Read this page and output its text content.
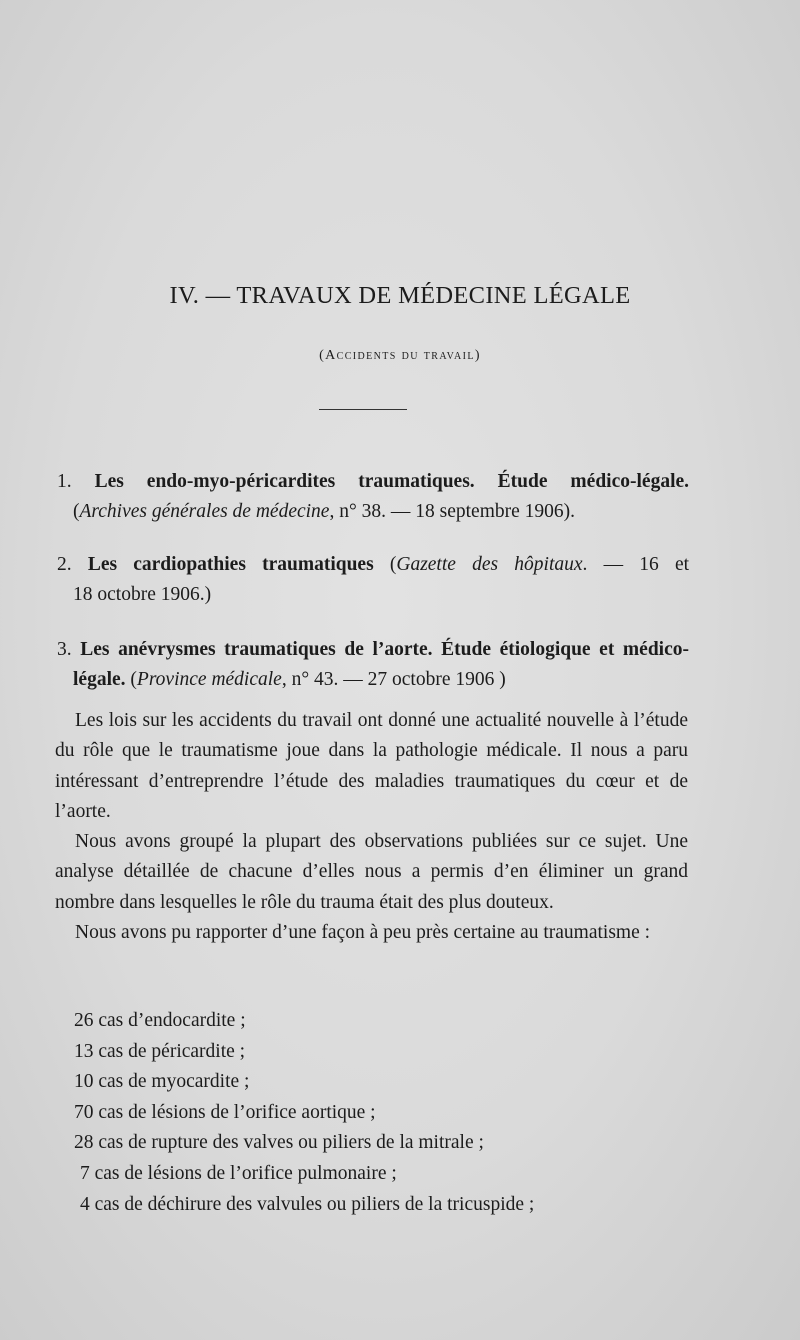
IV. — TRAVAUX DE MÉDECINE LÉGALE
(Accidents du travail)
1. Les endo-myo-péricardites traumatiques. Étude médico-légale.
(Archives générales de médecine, n° 38. — 18 septembre 1906).
2. Les cardiopathies traumatiques (Gazette des hôpitaux. — 16 et
18 octobre 1906.)
3. Les anévrysmes traumatiques de l’aorte. Étude étiologique et médico-
légale. (Province médicale, n° 43. — 27 octobre 1906 )

Les lois sur les accidents du travail ont donné une actualité nouvelle à l’étude du rôle que le traumatisme joue dans la pathologie médicale. Il nous a paru intéressant d’entreprendre l’étude des maladies traumatiques du cœur et de l’aorte.

Nous avons groupé la plupart des observations publiées sur ce sujet. Une analyse détaillée de chacune d’elles nous a permis d’en éliminer un grand nombre dans lesquelles le rôle du trauma était des plus douteux.

Nous avons pu rapporter d’une façon à peu près certaine au traumatisme :

26 cas d’endocardite ;
13 cas de péricardite ;
10 cas de myocardite ;
70 cas de lésions de l’orifice aortique ;
28 cas de rupture des valves ou piliers de la mitrale ;
7 cas de lésions de l’orifice pulmonaire ;
4 cas de déchirure des valvules ou piliers de la tricuspide ;
